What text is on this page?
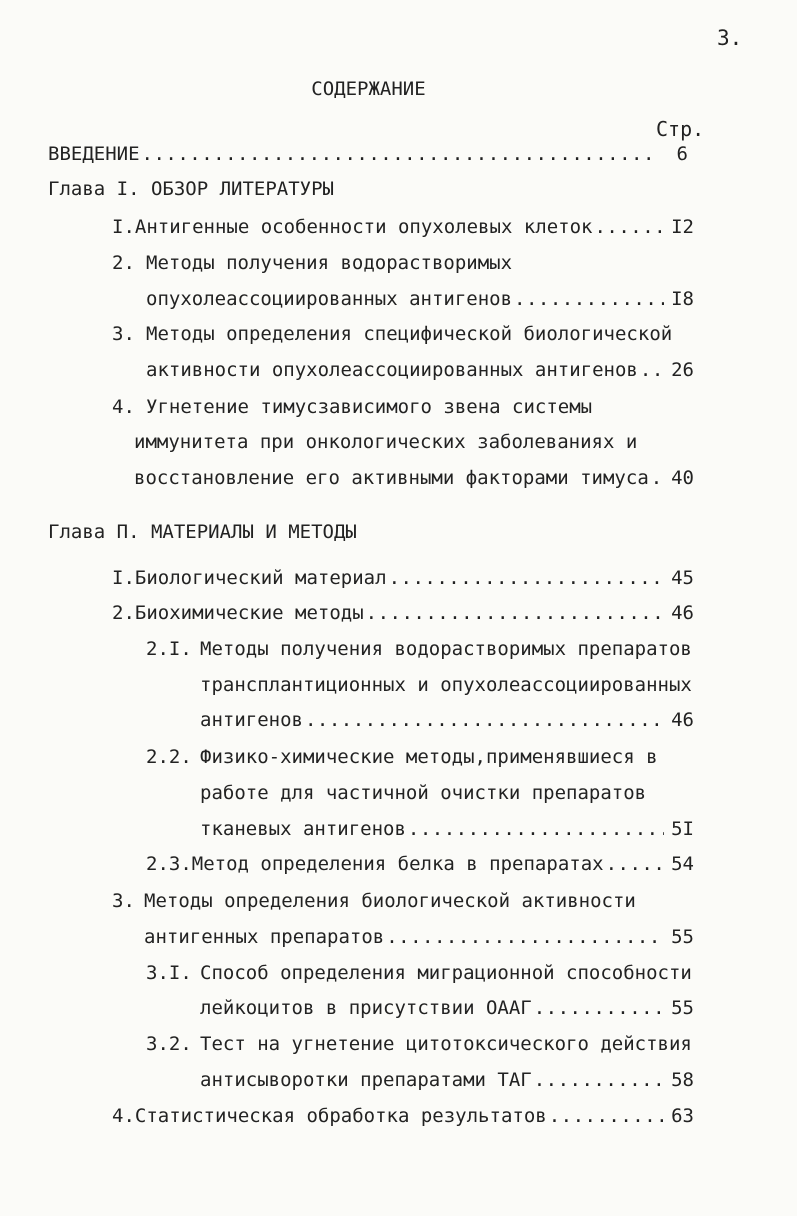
3.
СОДЕРЖАНИЕ
Стр.
ВВЕДЕНИЕ .....	6
Глава I. ОБЗОР ЛИТЕРАТУРЫ
I. Антигенные особенности опухолевых клеток .....	I2
2. Методы получения водорастворимых
опухолеассоциированных антигенов .....	I8
3. Методы определения специфической биологической
активности опухолеассоциированных антигенов ..... 26
4. Угнетение тимусзависимого звена системы
иммунитета при онкологических заболеваниях и
восстановление его активными факторами тимуса ..... 40
Глава П. МАТЕРИАЛЫ И МЕТОДЫ
I. Биологический материал .....	45
2. Биохимические методы .....	46
2.I. Методы получения водорастворимых препаратов
трансплантиционных и опухолеассоциированных
антигенов .....	46
2.2. Физико-химические методы,применявшиеся в
работе для частичной очистки препаратов
тканевых антигенов .....	5I
2.3. Метод определения белка в препаратах .....	54
3. Методы определения биологической активности
антигенных препаратов .....	55
3.I. Способ определения миграционной способности
лейкоцитов в присутствии ОААГ .....	55
3.2. Тест на угнетение цитотоксического действия
антисыворотки препаратами ТАГ .....	58
4. Статистическая обработка результатов .....	63
